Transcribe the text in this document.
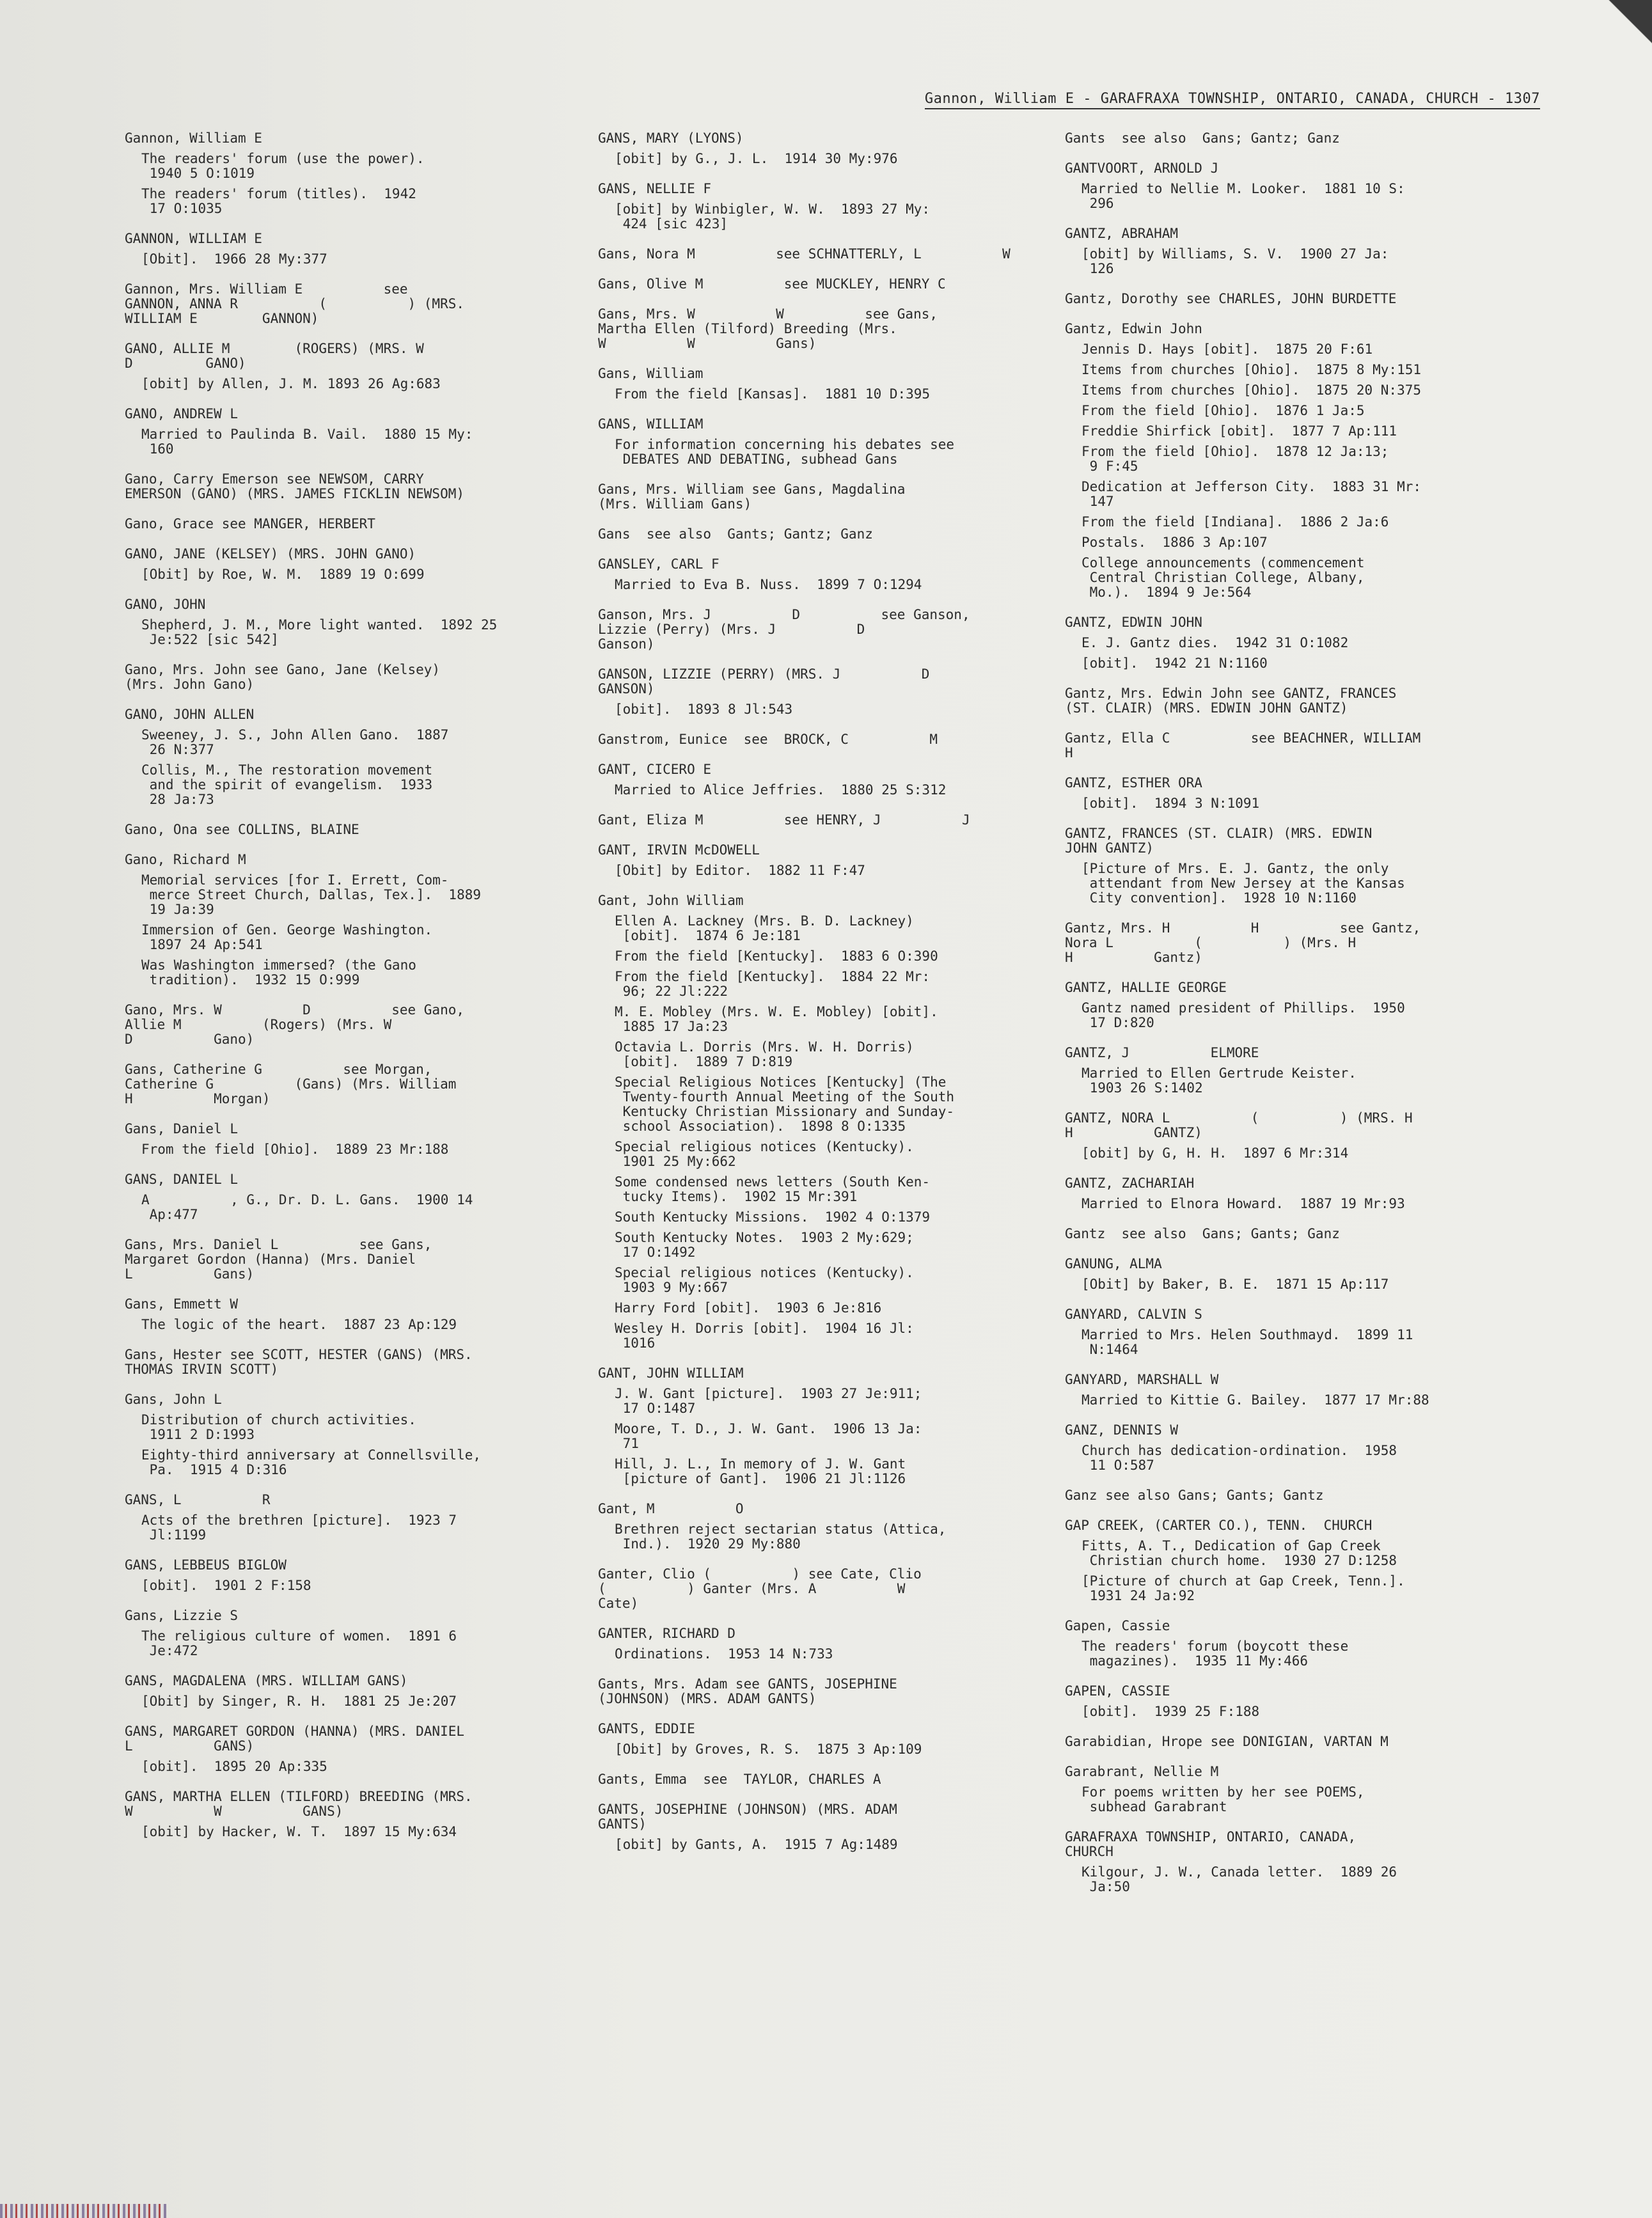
Gannon, William E - GARAFRAXA TOWNSHIP, ONTARIO, CANADA, CHURCH - 1307
Gannon, William E
The readers' forum (use the power).
1940 5 O:1019
The readers' forum (titles).  1942
17 O:1035
GANNON, WILLIAM E
[Obit].  1966 28 My:377
Gannon, Mrs. William E          see
GANNON, ANNA R          (          ) (MRS.
WILLIAM E        GANNON)
GANO, ALLIE M        (ROGERS) (MRS. W
D         GANO)
[obit] by Allen, J. M. 1893 26 Ag:683
GANO, ANDREW L
Married to Paulinda B. Vail.  1880 15 My:
160
Gano, Carry Emerson see NEWSOM, CARRY
EMERSON (GANO) (MRS. JAMES FICKLIN NEWSOM)
Gano, Grace see MANGER, HERBERT
GANO, JANE (KELSEY) (MRS. JOHN GANO)
[Obit] by Roe, W. M.  1889 19 O:699
GANO, JOHN
Shepherd, J. M., More light wanted.  1892 25
Je:522 [sic 542]
Gano, Mrs. John see Gano, Jane (Kelsey)
(Mrs. John Gano)
GANO, JOHN ALLEN
Sweeney, J. S., John Allen Gano.  1887
26 N:377
Collis, M., The restoration movement
and the spirit of evangelism.  1933
28 Ja:73
Gano, Ona see COLLINS, BLAINE
Gano, Richard M
Memorial services [for I. Errett, Com-
merce Street Church, Dallas, Tex.].  1889
19 Ja:39
Immersion of Gen. George Washington.
1897 24 Ap:541
Was Washington immersed? (the Gano
tradition).  1932 15 O:999
Gano, Mrs. W          D          see Gano,
Allie M          (Rogers) (Mrs. W
D          Gano)
Gans, Catherine G          see Morgan,
Catherine G          (Gans) (Mrs. William
H          Morgan)
Gans, Daniel L
From the field [Ohio].  1889 23 Mr:188
GANS, DANIEL L
A          , G., Dr. D. L. Gans.  1900 14
Ap:477
Gans, Mrs. Daniel L          see Gans,
Margaret Gordon (Hanna) (Mrs. Daniel
L          Gans)
Gans, Emmett W
The logic of the heart.  1887 23 Ap:129
Gans, Hester see SCOTT, HESTER (GANS) (MRS.
THOMAS IRVIN SCOTT)
Gans, John L
Distribution of church activities.
1911 2 D:1993
Eighty-third anniversary at Connellsville,
Pa.  1915 4 D:316
GANS, L          R
Acts of the brethren [picture].  1923 7
Jl:1199
GANS, LEBBEUS BIGLOW
[obit].  1901 2 F:158
Gans, Lizzie S
The religious culture of women.  1891 6
Je:472
GANS, MAGDALENA (MRS. WILLIAM GANS)
[Obit] by Singer, R. H.  1881 25 Je:207
GANS, MARGARET GORDON (HANNA) (MRS. DANIEL
L          GANS)
[obit].  1895 20 Ap:335
GANS, MARTHA ELLEN (TILFORD) BREEDING (MRS.
W          W          GANS)
[obit] by Hacker, W. T.  1897 15 My:634
GANS, MARY (LYONS)
[obit] by G., J. L.  1914 30 My:976
GANS, NELLIE F
[obit] by Winbigler, W. W.  1893 27 My:
424 [sic 423]
Gans, Nora M          see SCHNATTERLY, L          W
Gans, Olive M          see MUCKLEY, HENRY C
Gans, Mrs. W          W          see Gans,
Martha Ellen (Tilford) Breeding (Mrs.
W          W          Gans)
Gans, William
From the field [Kansas].  1881 10 D:395
GANS, WILLIAM
For information concerning his debates see
DEBATES AND DEBATING, subhead Gans
Gans, Mrs. William see Gans, Magdalina
(Mrs. William Gans)
Gans  see also  Gants; Gantz; Ganz
GANSLEY, CARL F
Married to Eva B. Nuss.  1899 7 O:1294
Ganson, Mrs. J          D          see Ganson,
Lizzie (Perry) (Mrs. J          D
Ganson)
GANSON, LIZZIE (PERRY) (MRS. J          D
GANSON)
[obit].  1893 8 Jl:543
Ganstrom, Eunice  see  BROCK, C          M
GANT, CICERO E
Married to Alice Jeffries.  1880 25 S:312
Gant, Eliza M          see HENRY, J          J
GANT, IRVIN McDOWELL
[Obit] by Editor.  1882 11 F:47
Gant, John William
Ellen A. Lackney (Mrs. B. D. Lackney)
[obit].  1874 6 Je:181
From the field [Kentucky].  1883 6 O:390
From the field [Kentucky].  1884 22 Mr:
96; 22 Jl:222
M. E. Mobley (Mrs. W. E. Mobley) [obit].
1885 17 Ja:23
Octavia L. Dorris (Mrs. W. H. Dorris)
[obit].  1889 7 D:819
Special Religious Notices [Kentucky] (The
Twenty-fourth Annual Meeting of the South
Kentucky Christian Missionary and Sunday-
school Association).  1898 8 O:1335
Special religious notices (Kentucky).
1901 25 My:662
Some condensed news letters (South Ken-
tucky Items).  1902 15 Mr:391
South Kentucky Missions.  1902 4 O:1379
South Kentucky Notes.  1903 2 My:629;
17 O:1492
Special religious notices (Kentucky).
1903 9 My:667
Harry Ford [obit].  1903 6 Je:816
Wesley H. Dorris [obit].  1904 16 Jl:
1016
GANT, JOHN WILLIAM
J. W. Gant [picture].  1903 27 Je:911;
17 O:1487
Moore, T. D., J. W. Gant.  1906 13 Ja:
71
Hill, J. L., In memory of J. W. Gant
[picture of Gant].  1906 21 Jl:1126
Gant, M          O
Brethren reject sectarian status (Attica,
Ind.).  1920 29 My:880
Ganter, Clio (          ) see Cate, Clio
(          ) Ganter (Mrs. A          W
Cate)
GANTER, RICHARD D
Ordinations.  1953 14 N:733
Gants, Mrs. Adam see GANTS, JOSEPHINE
(JOHNSON) (MRS. ADAM GANTS)
GANTS, EDDIE
[Obit] by Groves, R. S.  1875 3 Ap:109
Gants, Emma  see  TAYLOR, CHARLES A
GANTS, JOSEPHINE (JOHNSON) (MRS. ADAM
GANTS)
[obit] by Gants, A.  1915 7 Ag:1489
Gants  see also  Gans; Gantz; Ganz
GANTVOORT, ARNOLD J
Married to Nellie M. Looker.  1881 10 S:
296
GANTZ, ABRAHAM
[obit] by Williams, S. V.  1900 27 Ja:
126
Gantz, Dorothy see CHARLES, JOHN BURDETTE
Gantz, Edwin John
Jennis D. Hays [obit].  1875 20 F:61
Items from churches [Ohio].  1875 8 My:151
Items from churches [Ohio].  1875 20 N:375
From the field [Ohio].  1876 1 Ja:5
Freddie Shirfick [obit].  1877 7 Ap:111
From the field [Ohio].  1878 12 Ja:13;
9 F:45
Dedication at Jefferson City.  1883 31 Mr:
147
From the field [Indiana].  1886 2 Ja:6
Postals.  1886 3 Ap:107
College announcements (commencement
Central Christian College, Albany,
Mo.).  1894 9 Je:564
GANTZ, EDWIN JOHN
E. J. Gantz dies.  1942 31 O:1082
[obit].  1942 21 N:1160
Gantz, Mrs. Edwin John see GANTZ, FRANCES
(ST. CLAIR) (MRS. EDWIN JOHN GANTZ)
Gantz, Ella C          see BEACHNER, WILLIAM
H
GANTZ, ESTHER ORA
[obit].  1894 3 N:1091
GANTZ, FRANCES (ST. CLAIR) (MRS. EDWIN
JOHN GANTZ)
[Picture of Mrs. E. J. Gantz, the only
attendant from New Jersey at the Kansas
City convention].  1928 10 N:1160
Gantz, Mrs. H          H          see Gantz,
Nora L          (          ) (Mrs. H
H          Gantz)
GANTZ, HALLIE GEORGE
Gantz named president of Phillips.  1950
17 D:820
GANTZ, J          ELMORE
Married to Ellen Gertrude Keister.
1903 26 S:1402
GANTZ, NORA L          (          ) (MRS. H
H          GANTZ)
[obit] by G, H. H.  1897 6 Mr:314
GANTZ, ZACHARIAH
Married to Elnora Howard.  1887 19 Mr:93
Gantz  see also  Gans; Gants; Ganz
GANUNG, ALMA
[Obit] by Baker, B. E.  1871 15 Ap:117
GANYARD, CALVIN S
Married to Mrs. Helen Southmayd.  1899 11
N:1464
GANYARD, MARSHALL W
Married to Kittie G. Bailey.  1877 17 Mr:88
GANZ, DENNIS W
Church has dedication-ordination.  1958
11 O:587
Ganz see also Gans; Gants; Gantz
GAP CREEK, (CARTER CO.), TENN.  CHURCH
Fitts, A. T., Dedication of Gap Creek
Christian church home.  1930 27 D:1258
[Picture of church at Gap Creek, Tenn.].
1931 24 Ja:92
Gapen, Cassie
The readers' forum (boycott these
magazines).  1935 11 My:466
GAPEN, CASSIE
[obit].  1939 25 F:188
Garabidian, Hrope see DONIGIAN, VARTAN M
Garabrant, Nellie M
For poems written by her see POEMS,
subhead Garabrant
GARAFRAXA TOWNSHIP, ONTARIO, CANADA,
CHURCH
Kilgour, J. W., Canada letter.  1889 26
Ja:50
